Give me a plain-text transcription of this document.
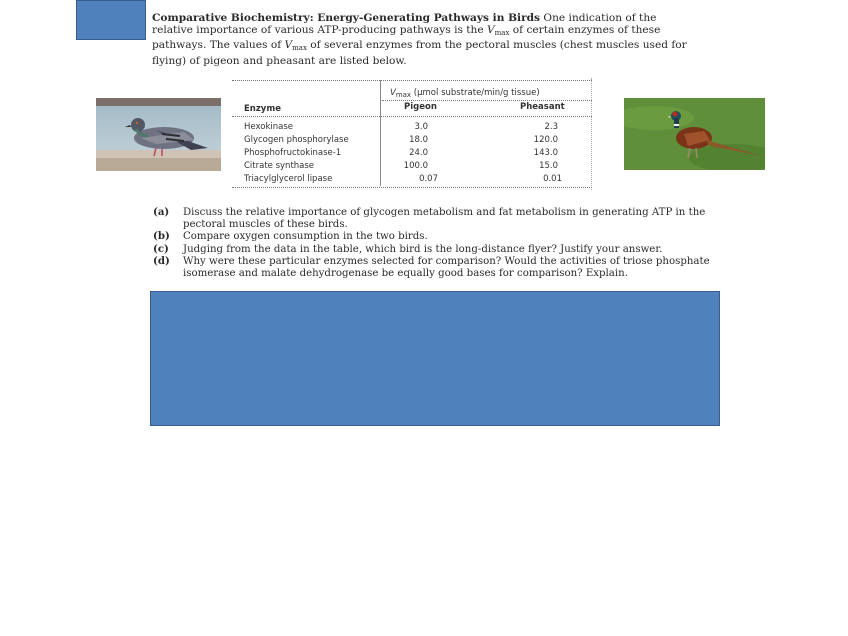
Comparative Biochemistry: Energy-Generating Pathways in Birds One indication of the relative importance of various ATP-producing pathways is the $V_{max}$ of certain enzymes of these pathways. The values of $V_{max}$ of several enzymes from the pectoral muscles (chest muscles used for flying) of pigeon and pheasant are listed below.
$V_{max}$ (μmol substrate/min/g tissue)
Enzyme	Pigeon	Pheasant
Hexokinase	3.0	2.3
Glycogen phosphorylase	18.0	120.0
Phosphofructokinase-1	24.0	143.0
Citrate synthase	100.0	15.0
Triacylglycerol lipase	0.07	0.01
(a) Discuss the relative importance of glycogen metabolism and fat metabolism in generating ATP in the pectoral muscles of these birds.
(b) Compare oxygen consumption in the two birds.
(c) Judging from the data in the table, which bird is the long-distance flyer? Justify your answer.
(d) Why were these particular enzymes selected for comparison? Would the activities of triose phosphate isomerase and malate dehydrogenase be equally good bases for comparison? Explain.
